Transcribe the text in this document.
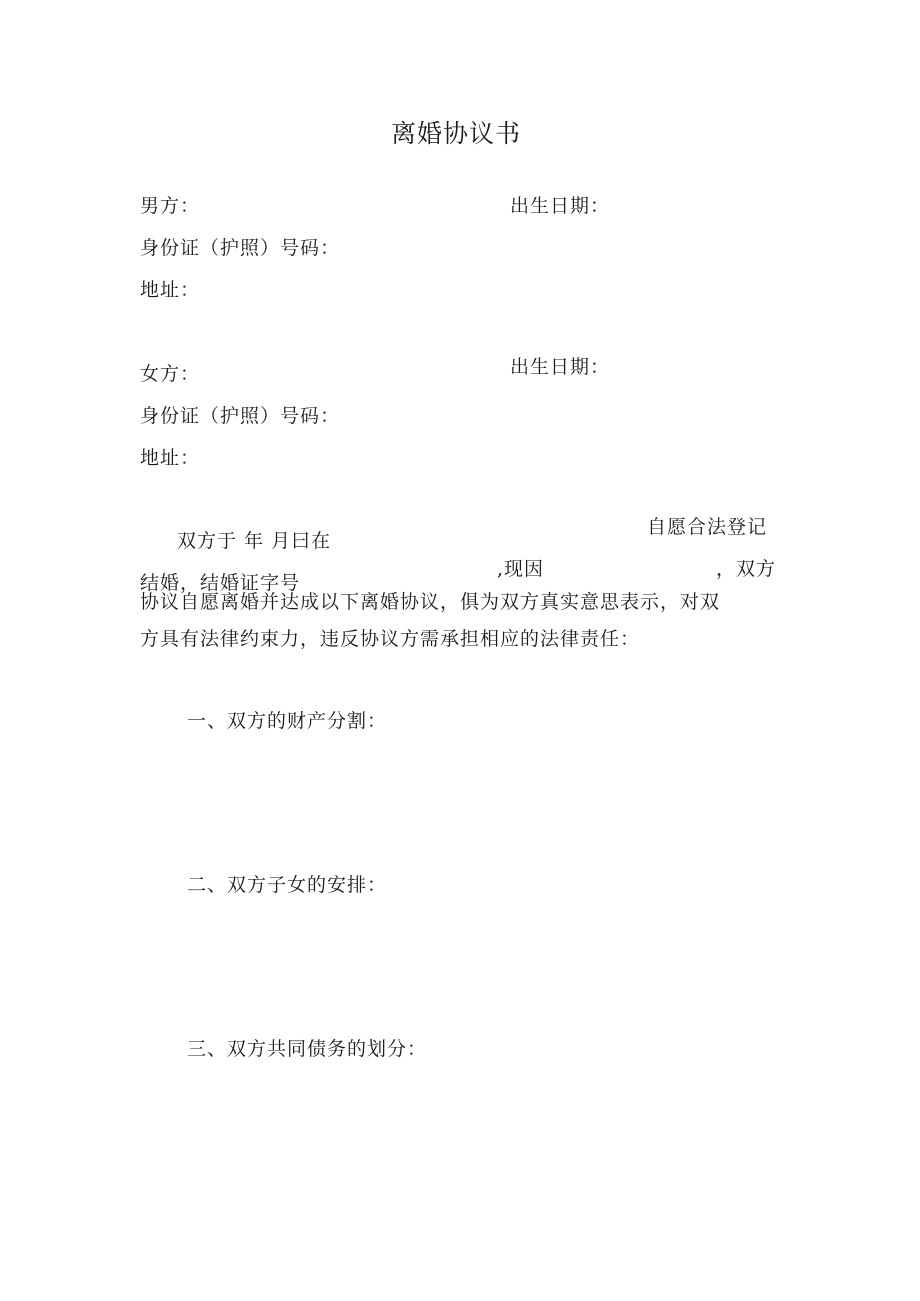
离婚协议书
男方：	出生日期：
身份证（护照）号码：
地址：
出生日期：
女方：
身份证（护照）号码：
地址：
自愿合法登记
双方于 年 月曰在
结婚，结婚证字号
,现因	，双方
协议自愿离婚并达成以下离婚协议，俱为双方真实意思表示，对双
方具有法律约束力，违反协议方需承担相应的法律责任：
一、双方的财产分割：
二、双方子女的安排：
三、双方共同债务的划分：
